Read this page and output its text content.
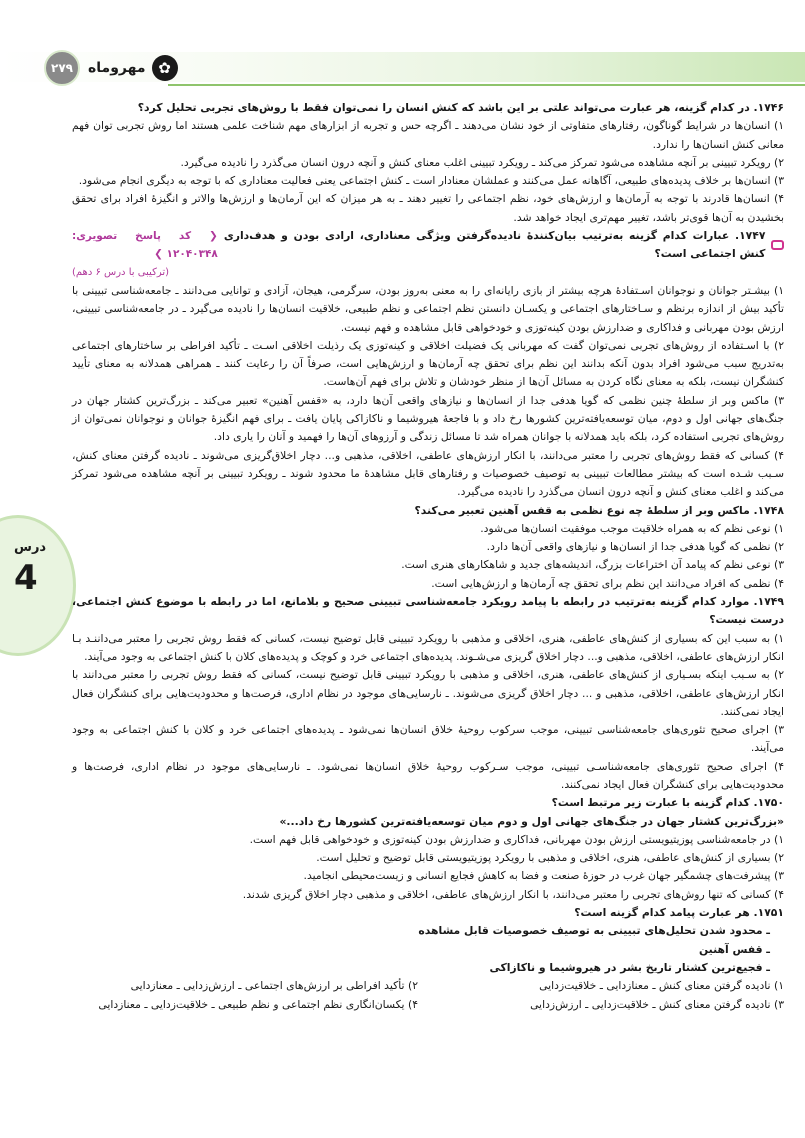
۲۷۹	مهروماه ✿
درس
4

۱۷۴۶. در کدام گزینه، هر عبارت می‌تواند علتی بر این باشد که کنش انسان را نمی‌توان فقط با روش‌های تجربی تحلیل کرد؟

۱) انسان‌ها در شرایط گوناگون، رفتارهای متفاوتی از خود نشان می‌دهند ـ اگرچه حس و تجربه از ابزارهای مهم شناخت علمی هستند اما روش تجربی توان فهم معانی کنش انسان‌ها را ندارد.

۲) رویکرد تبیینی بر آنچه مشاهده می‌شود تمرکز می‌کند ـ رویکرد تبیینی اغلب معنای کنش و آنچه درون انسان می‌گذرد را نادیده می‌گیرد.

۳) انسان‌ها بر خلاف پدیده‌های طبیعی، آگاهانه عمل می‌کنند و عملشان معنادار است ـ کنش اجتماعی یعنی فعالیت معناداری که با توجه به دیگری انجام می‌شود.

۴) انسان‌ها قادرند با توجه به آرمان‌ها و ارزش‌های خود، نظم اجتماعی را تغییر دهند ـ به هر میزان که این آرمان‌ها و ارزش‌ها والاتر و انگیزهٔ افراد برای تحقق بخشیدن به آن‌ها قوی‌تر باشد، تغییر مهم‌تری ایجاد خواهد شد.

۱۷۴۷. عبارات کدام گزینه به‌ترتیب بیان‌کنندهٔ نادیده‌گرفتن ویژگی معناداری، ارادی بودن و هدف‌داری کنش اجتماعی است؟
❮ کد پاسخ تصویری: ۱۲۰۴۰۳۴۸ ❯

(ترکیبی با درس ۶ دهم)

۱) بیشـتر جوانان و نوجوانان اسـتفادهٔ هرچه بیشتر از بازی رایانه‌ای را به معنی به‌روز بودن، سرگرمی، هیجان، آزادی و توانایی می‌دانند ـ جامعه‌شناسی تبیینی با تأکید بیش از اندازه برنظم و سـاختارهای اجتماعی و یکسـان دانستن نظم اجتماعی و نظم طبیعی، خلاقیت انسان‌ها را نادیده می‌گیرد ـ در جامعه‌شناسی تبیینی، ارزش بودن مهربانی و فداکاری و ضدارزش بودن کینه‌توزی و خودخواهی قابل مشاهده و فهم نیست.

۲) با اسـتفاده از روش‌های تجربی نمی‌توان گفت که مهربانی یک فضیلت اخلاقی و کینه‌توزی یک رذیلت اخلاقی اسـت ـ تأکید افراطی بر ساختارهای اجتماعی به‌تدریج سبب می‌شود افراد بدون آنکه بدانند این نظم برای تحقق چه آرمان‌ها و ارزش‌هایی است، صرفاً آن را رعایت کنند ـ همراهی همدلانه به معنای تأیید کنشگران نیست، بلکه به معنای نگاه کردن به مسائل آن‌ها از منظر خودشان و تلاش برای فهم آن‌هاست.

۳) ماکس وبر از سلطهٔ چنین نظمی که گویا هدفی جدا از انسان‌ها و نیازهای واقعی آن‌ها دارد، به «قفس آهنین» تعبیر می‌کند ـ بزرگ‌ترین کشتار جهان در جنگ‌های جهانی اول و دوم، میان توسعه‌یافته‌ترین کشورها رخ داد و با فاجعهٔ هیروشیما و ناکازاکی پایان یافت ـ برای فهم انگیزهٔ جوانان و نوجوانان نمی‌توان از روش‌های تجربی استفاده کرد، بلکه باید همدلانه با جوانان همراه شد تا مسائل زندگی و آرزوهای آن‌ها را فهمید و آنان را یاری داد.

۴) کسانی که فقط روش‌های تجربی را معتبر می‌دانند، با انکار ارزش‌های عاطفی، اخلاقی، مذهبی و... دچار اخلاق‌گریزی می‌شوند ـ نادیده گرفتن معنای کنش، سـبب شـده است که بیشتر مطالعات تبیینی به توصیف خصوصیات و رفتارهای قابل مشاهدهٔ ما محدود شوند ـ رویکرد تبیینی بر آنچه مشاهده می‌شود تمرکز می‌کند و اغلب معنای کنش و آنچه درون انسان می‌گذرد را نادیده می‌گیرد.

۱۷۴۸. ماکس وبر از سلطهٔ چه نوع نظمی به قفس آهنین تعبیر می‌کند؟

۱) نوعی نظم که به همراه خلاقیت موجب موفقیت انسان‌ها می‌شود.

۲) نظمی که گویا هدفی جدا از انسان‌ها و نیازهای واقعی آن‌ها دارد.

۳) نوعی نظم که پیامد آن اختراعات بزرگ، اندیشه‌های جدید و شاهکارهای هنری است.

۴) نظمی که افراد می‌دانند این نظم برای تحقق چه آرمان‌ها و ارزش‌هایی است.

۱۷۴۹. موارد کدام گزینه به‌ترتیب در رابطه با پیامد رویکرد جامعه‌شناسی تبیینی صحیح و بلامانع، اما در رابطه با موضوع کنش اجتماعی، درست نیست؟

۱) به سبب این که بسیاری از کنش‌های عاطفی، هنری، اخلاقی و مذهبی با رویکرد تبیینی قابل توضیح نیست، کسانی که فقط روش تجربی را معتبر می‌داننـد بـا انکار ارزش‌های عاطفی، اخلاقی، مذهبی و... دچار اخلاق گریزی می‌شـوند. پدیده‌های اجتماعی خرد و کوچک و پدیده‌های کلان با کنش اجتماعی به وجود می‌آیند.

۲) به سـبب اینکه بسـیاری از کنش‌های عاطفی، هنری، اخلاقی و مذهبی با رویکرد تبیینی قابل توضیح نیست، کسانی که فقط روش تجربی را معتبر می‌دانند با انکار ارزش‌های عاطفی، اخلاقی، مذهبی و ... دچار اخلاق گریزی می‌شوند. ـ نارسایی‌های موجود در نظام اداری، فرصت‌ها و محدودیت‌هایی برای کنشگران فعال ایجاد نمی‌کنند.

۳) اجرای صحیح تئوری‌های جامعه‌شناسی تبیینی، موجب سرکوب روحیهٔ خلاق انسان‌ها نمی‌شود ـ پدیده‌های اجتماعی خرد و کلان با کنش اجتماعی به وجود می‌آیند.

۴) اجرای صحیح تئوری‌های جامعه‌شناسـی تبیینی، موجب سـرکوب روحیهٔ خلاق انسان‌ها نمی‌شود. ـ نارسایی‌های موجود در نظام اداری، فرصت‌ها و محدودیت‌هایی برای کنشگران فعال ایجاد نمی‌کنند.

۱۷۵۰. کدام گزینه با عبارت زیر مرتبط است؟

«بزرگ‌ترین کشتار جهان در جنگ‌های جهانی اول و دوم میان توسعه‌یافته‌ترین کشورها رخ داد...»

۱) در جامعه‌شناسی پوزیتیویستی ارزش بودن مهربانی، فداکاری و ضدارزش بودن کینه‌توزی و خودخواهی قابل فهم است.

۲) بسیاری از کنش‌های عاطفی، هنری، اخلاقی و مذهبی با رویکرد پوزیتیویستی قابل توضیح و تحلیل است.

۳) پیشرفت‌های چشمگیر جهان غرب در حوزهٔ صنعت و فضا به کاهش فجایع انسانی و زیست‌محیطی انجامید.

۴) کسانی که تنها روش‌های تجربی را معتبر می‌دانند، با انکار ارزش‌های عاطفی، اخلاقی و مذهبی دچار اخلاق گریزی شدند.

۱۷۵۱. هر عبارت پیامد کدام گزینه است؟

ـ محدود شدن تحلیل‌های تبیینی به توصیف خصوصیات قابل مشاهده

ـ قفس آهنین

ـ فجیع‌ترین کشتار تاریخ بشر در هیروشیما و ناکازاکی

۱) نادیده گرفتن معنای کنش ـ معنازدایی ـ خلاقیت‌زدایی

۲) تأکید افراطی بر ارزش‌های اجتماعی ـ ارزش‌زدایی ـ معنازدایی

۳) نادیده گرفتن معنای کنش ـ خلاقیت‌زدایی ـ ارزش‌زدایی

۴) یکسان‌انگاری نظم اجتماعی و نظم طبیعی ـ خلاقیت‌زدایی ـ معنازدایی
